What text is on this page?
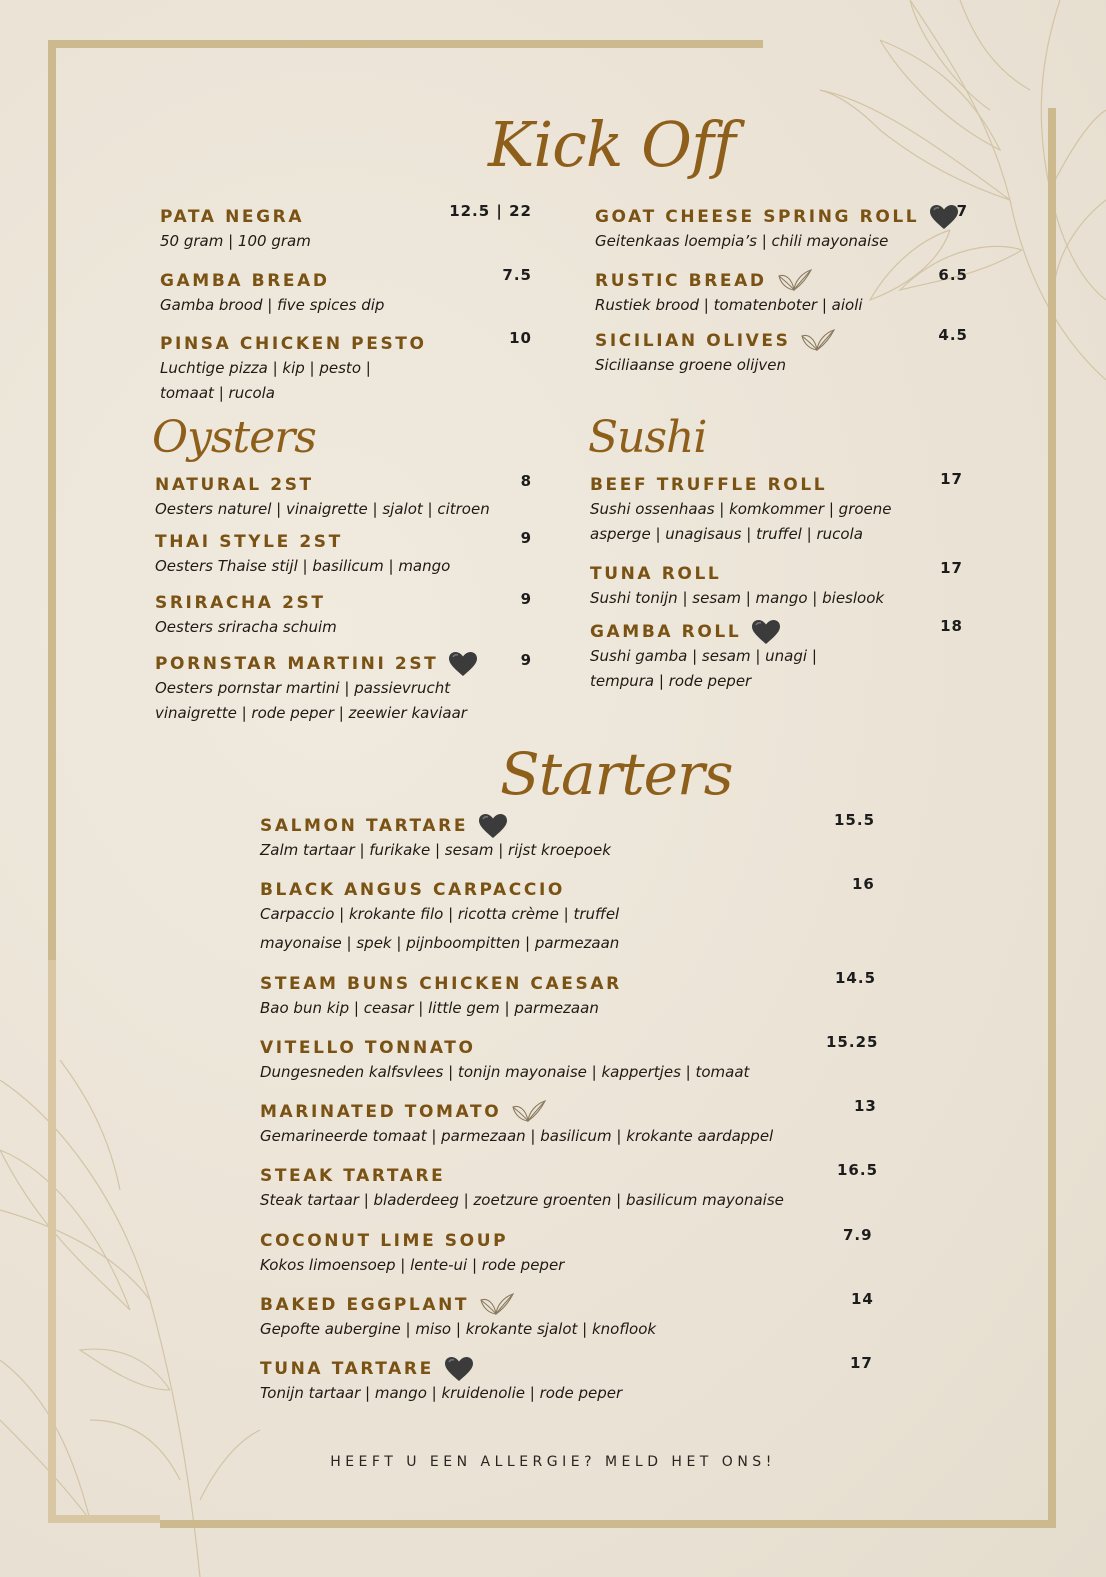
Kick Off
Oysters	Sushi
Starters
PATA NEGRA
50 gram | 100 gram
12.5 | 22
GAMBA BREAD
Gamba brood | five spices dip
7.5
PINSA CHICKEN PESTO
Luchtige pizza | kip | pesto |
tomaat | rucola
10
GOAT CHEESE SPRING ROLL
Geitenkaas loempia’s | chili mayonaise
7
RUSTIC BREAD
Rustiek brood | tomatenboter | aioli
6.5
SICILIAN OLIVES
Siciliaanse groene olijven
4.5
NATURAL 2ST
Oesters naturel | vinaigrette | sjalot | citroen
8
THAI STYLE 2ST
Oesters Thaise stijl | basilicum | mango
9
SRIRACHA 2ST
Oesters sriracha schuim
9
PORNSTAR MARTINI 2ST
Oesters pornstar martini | passievrucht
vinaigrette | rode peper | zeewier kaviaar
9
BEEF TRUFFLE ROLL
Sushi ossenhaas | komkommer | groene
asperge | unagisaus | truffel | rucola
17
TUNA ROLL
Sushi tonijn | sesam | mango | bieslook
17
GAMBA ROLL
Sushi gamba | sesam | unagi |
tempura | rode peper
18
SALMON TARTARE
Zalm tartaar | furikake | sesam | rijst kroepoek
15.5
BLACK ANGUS CARPACCIO
Carpaccio | krokante filo | ricotta crème | truffel
mayonaise | spek | pijnboompitten | parmezaan
16
STEAM BUNS CHICKEN CAESAR
Bao bun kip | ceasar | little gem | parmezaan
14.5
VITELLO TONNATO
Dungesneden kalfsvlees | tonijn mayonaise | kappertjes | tomaat
15.25
MARINATED TOMATO
Gemarineerde tomaat | parmezaan | basilicum | krokante aardappel
13
STEAK TARTARE
Steak tartaar | bladerdeeg | zoetzure groenten | basilicum mayonaise
16.5
COCONUT LIME SOUP
Kokos limoensoep | lente-ui | rode peper
7.9
BAKED EGGPLANT
Gepofte aubergine | miso | krokante sjalot | knoflook
14
TUNA TARTARE
Tonijn tartaar | mango | kruidenolie | rode peper
17
HEEFT U EEN ALLERGIE? MELD HET ONS!
